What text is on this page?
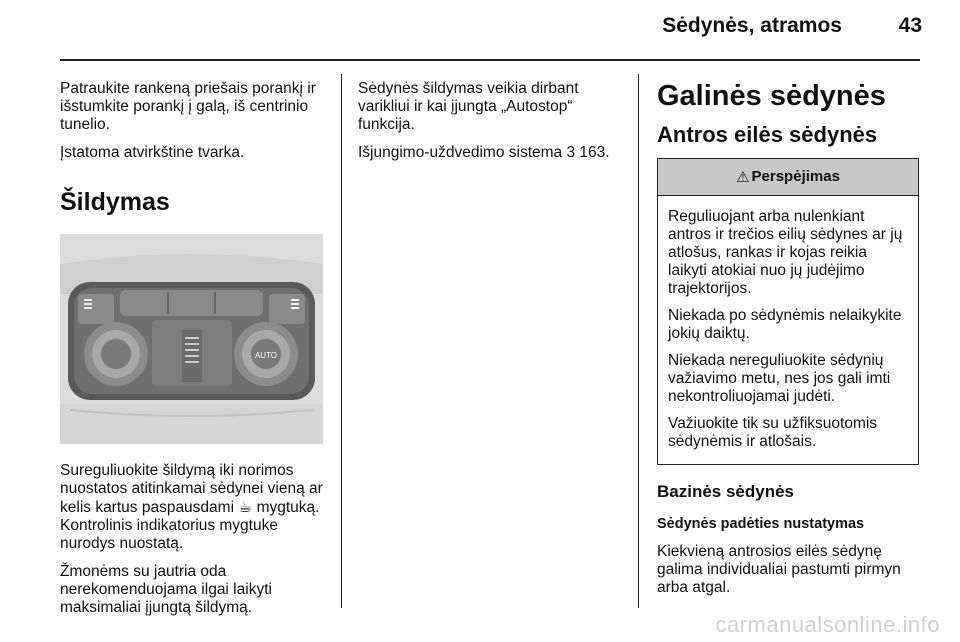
Sėdynės, atramos	43

Patraukite rankeną priešais porankį ir išstumkite porankį į galą, iš centrinio tunelio.

Įstatoma atvirkštine tvarka.

Šildymas
AUTO

Sureguliuokite šildymą iki norimos nuostatos atitinkamai sėdynei vieną ar kelis kartus paspausdami ☕ mygtuką. Kontrolinis indikatorius mygtuke nurodys nuostatą.

Žmonėms su jautria oda nerekomenduojama ilgai laikyti maksimaliai įjungtą šildymą.

Sėdynės šildymas veikia dirbant varikliui ir kai įjungta „Autostop“ funkcija.

Išjungimo-uždvedimo sistema 3 163.

Galinės sėdynės
Antros eilės sėdynės
⚠ Perspėjimas

Reguliuojant arba nulenkiant antros ir trečios eilių sėdynes ar jų atlošus, rankas ir kojas reikia laikyti atokiai nuo jų judėjimo trajektorijos.

Niekada po sėdynėmis nelaikykite jokių daiktų.

Niekada nereguliuokite sėdynių važiavimo metu, nes jos gali imti nekontroliuojamai judėti.

Važiuokite tik su užfiksuotomis sėdynėmis ir atlošais.

Bazinės sėdynės

Sėdynės padėties nustatymas

Kiekvieną antrosios eilės sėdynę galima individualiai pastumti pirmyn arba atgal.

carmanualsonline.info
